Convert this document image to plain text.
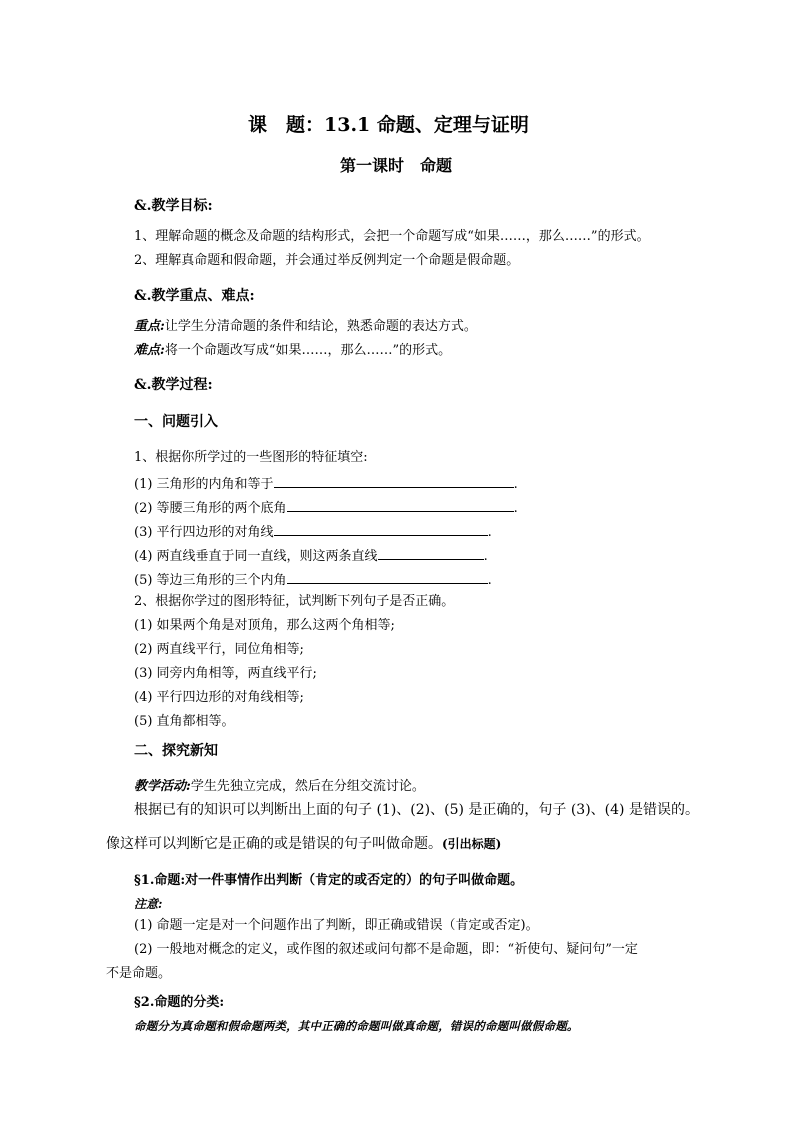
课　题：13.1 命题、定理与证明
第一课时　命题
&.教学目标:
1、理解命题的概念及命题的结构形式，会把一个命题写成“如果……，那么……”的形式。
2、理解真命题和假命题，并会通过举反例判定一个命题是假命题。
&.教学重点、难点:
重点:让学生分清命题的条件和结论，熟悉命题的表达方式。
难点:将一个命题改写成“如果……，那么……”的形式。
&.教学过程:
一、问题引入
1、根据你所学过的一些图形的特征填空:
(1) 三角形的内角和等于	.
(2) 等腰三角形的两个底角	.
(3) 平行四边形的对角线	.
(4) 两直线垂直于同一直线，则这两条直线	.
(5) 等边三角形的三个内角	.
2、根据你学过的图形特征，试判断下列句子是否正确。
(1) 如果两个角是对顶角，那么这两个角相等;
(2) 两直线平行，同位角相等;
(3) 同旁内角相等，两直线平行;
(4) 平行四边形的对角线相等;
(5) 直角都相等。
二、探究新知
教学活动:学生先独立完成，然后在分组交流讨论。
根据已有的知识可以判断出上面的句子 (1)、(2)、(5) 是正确的，句子 (3)、(4) 是错误的。
像这样可以判断它是正确的或是错误的句子叫做命题。(引出标题)
§1.命题:对一件事情作出判断（肯定的或否定的）的句子叫做命题。
注意:
(1) 命题一定是对一个问题作出了判断，即正确或错误（肯定或否定)。
(2) 一般地对概念的定义，或作图的叙述或问句都不是命题，即：“祈使句、疑问句”一定
不是命题。
§2.命题的分类:
命题分为真命题和假命题两类，其中正确的命题叫做真命题，错误的命题叫做假命题。
